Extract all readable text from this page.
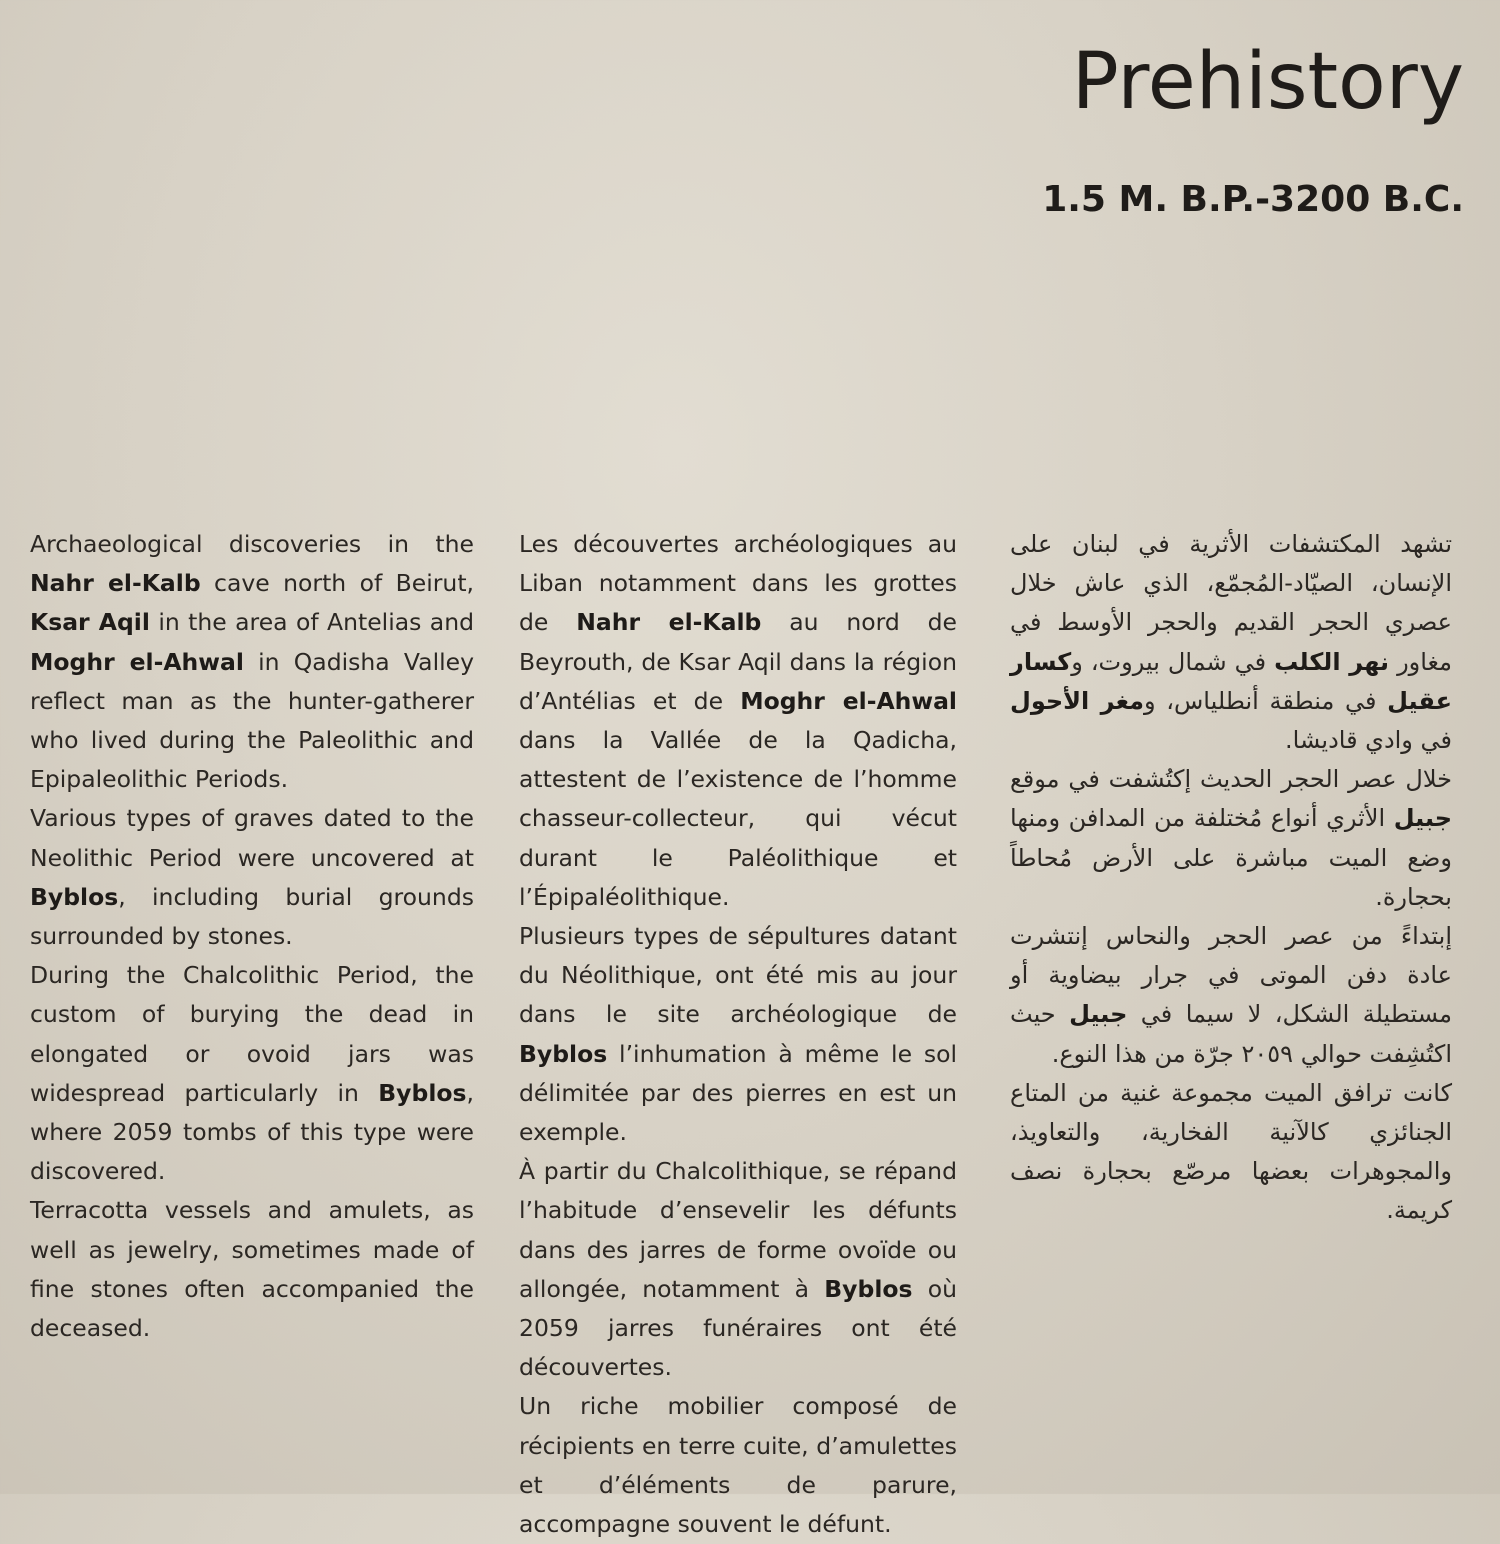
Prehistory
1.5 M. B.P.-3200 B.C.

Archaeological discoveries in the Nahr el-Kalb cave north of Beirut, Ksar Aqil in the area of Antelias and Moghr el-Ahwal in Qadisha Valley reflect man as the hunter-gatherer who lived during the Paleolithic and Epipaleolithic Periods.

Various types of graves dated to the Neolithic Period were uncovered at Byblos, including burial grounds surrounded by stones.

During the Chalcolithic Period, the custom of burying the dead in elongated or ovoid jars was widespread particularly in Byblos, where 2059 tombs of this type were discovered.

Terracotta vessels and amulets, as well as jewelry, sometimes made of fine stones often accompanied the deceased.

Les découvertes archéologiques au Liban notamment dans les grottes de Nahr el-Kalb au nord de Beyrouth, de Ksar Aqil dans la région d’Antélias et de Moghr el-Ahwal dans la Vallée de la Qadicha, attestent de l’existence de l’homme chasseur-collecteur, qui vécut durant le Paléolithique et l’Épipaléolithique.

Plusieurs types de sépultures datant du Néolithique, ont été mis au jour dans le site archéologique de Byblos l’inhumation à même le sol délimitée par des pierres en est un exemple.

À partir du Chalcolithique, se répand l’habitude d’ensevelir les défunts dans des jarres de forme ovoïde ou allongée, notamment à Byblos où 2059 jarres funéraires ont été découvertes.

Un riche mobilier composé de récipients en terre cuite, d’amulettes et d’éléments de parure, accompagne souvent le défunt.

تشهد المكتشفات الأثرية في لبنان على الإنسان، الصيّاد-المُجمّع، الذي عاش خلال عصري الحجر القديم والحجر الأوسط في مغاور نهر الكلب في شمال بيروت، وكسار عقيل في منطقة أنطلياس، ومغر الأحول في وادي قاديشا.

خلال عصر الحجر الحديث إكتُشفت في موقع جبيل الأثري أنواع مُختلفة من المدافن ومنها وضع الميت مباشرة على الأرض مُحاطاً بحجارة.

إبتداءً من عصر الحجر والنحاس إنتشرت عادة دفن الموتى في جرار بيضاوية أو مستطيلة الشكل، لا سيما في جبيل حيث اكتُشِفت حوالي ٢٠٥٩ جرّة من هذا النوع.

كانت ترافق الميت مجموعة غنية من المتاع الجنائزي كالآنية الفخارية، والتعاويذ، والمجوهرات بعضها مرصّع بحجارة نصف كريمة.
